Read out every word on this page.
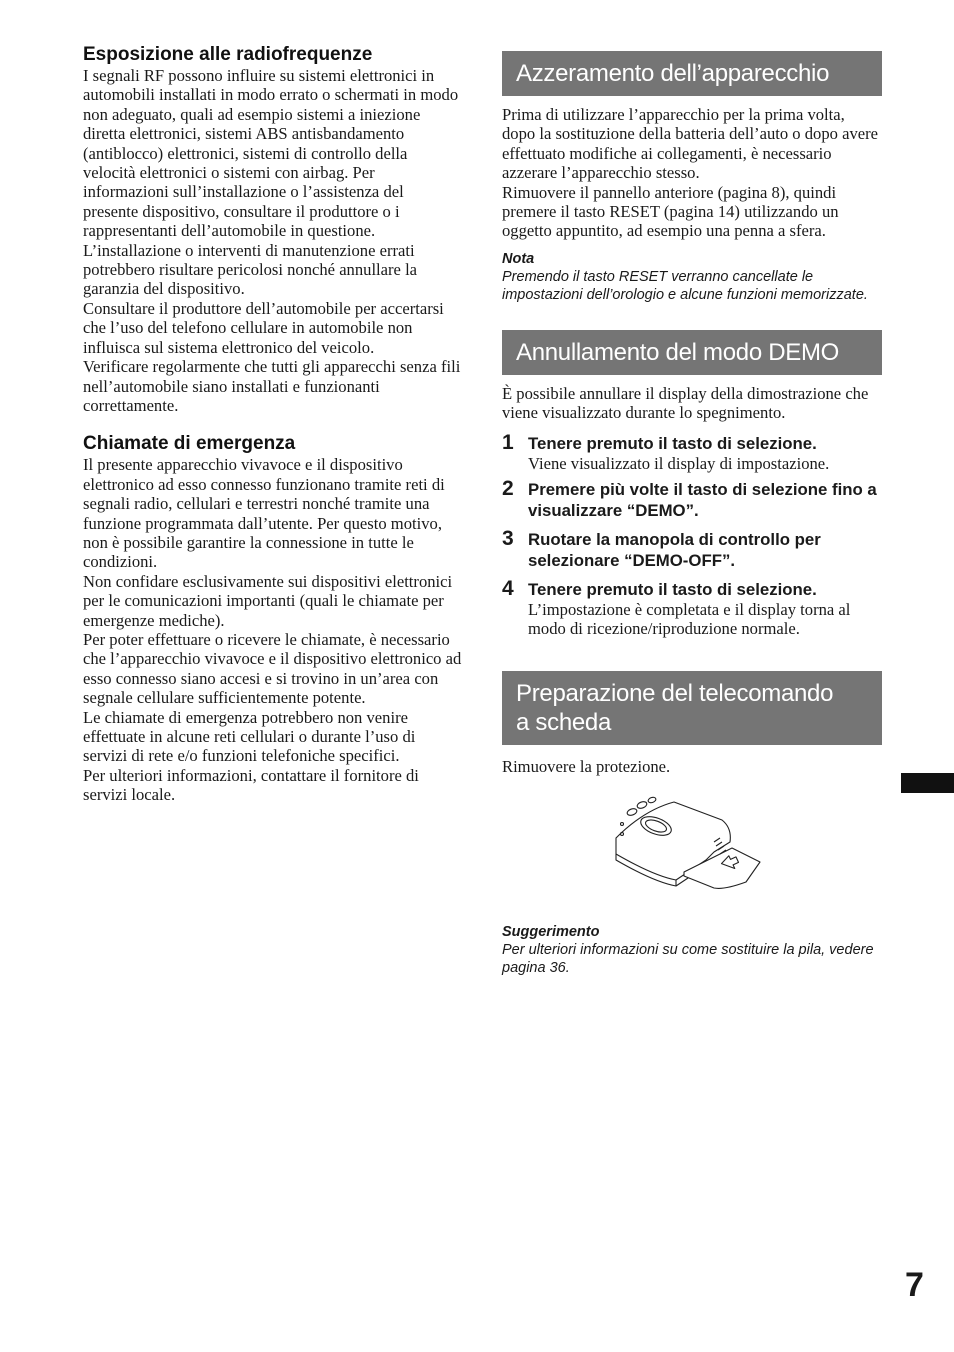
Esposizione alle radiofrequenze

I segnali RF possono influire su sistemi elettronici in automobili installati in modo errato o schermati in modo non adeguato, quali ad esempio sistemi a iniezione diretta elettronici, sistemi ABS antisbandamento (antiblocco) elettronici, sistemi di controllo della velocità elettronici o sistemi con airbag. Per informazioni sull’installazione o l’assistenza del presente dispositivo, consultare il produttore o i rappresentanti dell’automobile in questione. L’installazione o interventi di manutenzione errati potrebbero risultare pericolosi nonché annullare la garanzia del dispositivo.

Consultare il produttore dell’automobile per accertarsi che l’uso del telefono cellulare in automobile non influisca sul sistema elettronico del veicolo.

Verificare regolarmente che tutti gli apparecchi senza fili nell’automobile siano installati e funzionanti correttamente.

Chiamate di emergenza

Il presente apparecchio vivavoce e il dispositivo elettronico ad esso connesso funzionano tramite reti di segnali radio, cellulari e terrestri nonché tramite una funzione programmata dall’utente. Per questo motivo, non è possibile garantire la connessione in tutte le condizioni.

Non confidare esclusivamente sui dispositivi elettronici per le comunicazioni importanti (quali le chiamate per emergenze mediche).

Per poter effettuare o ricevere le chiamate, è necessario che l’apparecchio vivavoce e il dispositivo elettronico ad esso connesso siano accesi e si trovino in un’area con segnale cellulare sufficientemente potente.

Le chiamate di emergenza potrebbero non venire effettuate in alcune reti cellulari o durante l’uso di servizi di rete e/o funzioni telefoniche specifici.

Per ulteriori informazioni, contattare il fornitore di servizi locale.

Azzeramento dell’apparecchio

Prima di utilizzare l’apparecchio per la prima volta, dopo la sostituzione della batteria dell’auto o dopo avere effettuato modifiche ai collegamenti, è necessario azzerare l’apparecchio stesso.

Rimuovere il pannello anteriore (pagina 8), quindi premere il tasto RESET (pagina 14) utilizzando un oggetto appuntito, ad esempio una penna a sfera.

Nota

Premendo il tasto RESET verranno cancellate le impostazioni dell’orologio e alcune funzioni memorizzate.

Annullamento del modo DEMO

È possibile annullare il display della dimostrazione che viene visualizzato durante lo spegnimento.

1 Tenere premuto il tasto di selezione.

Viene visualizzato il display di impostazione.

2 Premere più volte il tasto di selezione fino a visualizzare “DEMO”.

3 Ruotare la manopola di controllo per selezionare “DEMO-OFF”.

4 Tenere premuto il tasto di selezione.

L’impostazione è completata e il display torna al modo di ricezione/riproduzione normale.

Preparazione del telecomando
a scheda

Rimuovere la protezione.

Suggerimento

Per ulteriori informazioni su come sostituire la pila, vedere pagina 36.

7
